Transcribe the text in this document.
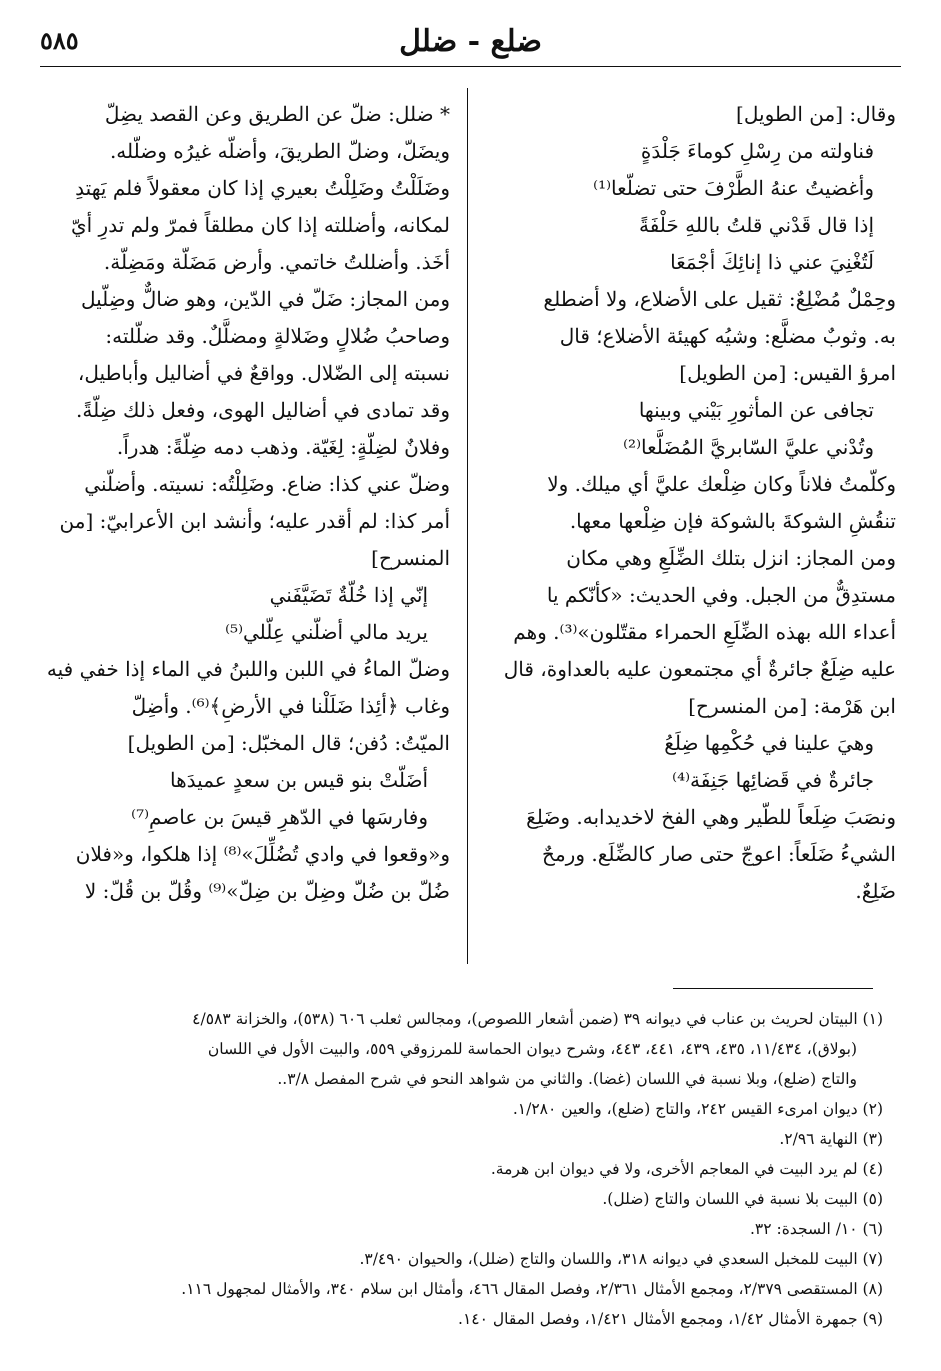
ضلع - ضلل
٥٨٥
وقال: [من الطويل]
فناولته من رِسْلِ كوماءَ جَلْدَةٍ
وأغضيتُ عنهُ الطَّرْفَ حتى تضلّعا⁽¹⁾
إذا قال قَدْني قلتُ باللهِ حَلْفَةً
لَتُغْنِيَ عني ذا إنائِكَ أجْمَعَا
وحِمْلٌ مُضْلِعٌ: ثقيل على الأضلاع، ولا أضطلع
به. وثوبٌ مضلَّع: وشيُه كهيئة الأضلاع؛ قال
امرؤ القيس: [من الطويل]
تجافى عن المأثورِ بَيْني وبينها
وتُدْني عليَّ السّابريَّ المُضَلَّعا⁽²⁾
وكلّمتُ فلاناً وكان ضِلْعك عليَّ أي ميلك. ولا
تنقُشِ الشوكةَ بالشوكة فإن ضِلْعها معها.
ومن المجاز: انزل بتلك الضِّلَعِ وهي مكان
مستدِقٌّ من الجبل. وفي الحديث: «كأنّكم يا
أعداء الله بهذه الضِّلَعِ الحمراء مقتّلون»⁽³⁾. وهم
عليه ضِلَعٌ جائرةٌ أي مجتمعون عليه بالعداوة، قال
ابن هَرْمة: [من المنسرح]
وهيَ علينا في حُكْمِها ضِلَعُ
جائرةٌ في قَضائِها جَنِفَة⁽⁴⁾
ونصَبَ ضِلَعاً للطّير وهي الفخ لاخديدابه. وضَلِعَ
الشيءُ ضَلَعاً: اعوجّ حتى صار كالضِّلَع. ورمحٌ
ضَلِعٌ.
* ضلل: ضلّ عن الطريق وعن القصد يضِلّ
ويضَلّ، وضلّ الطريقَ، وأضلّه غيرُه وضلّله.
وضَلَلْتُ وضَلِلْتُ بعيري إذا كان معقولاً فلم يَهتدِ
لمكانه، وأضللته إذا كان مطلقاً فمرّ ولم تدرِ أيّ
أخَذ. وأضللتُ خاتمي. وأرض مَضَلّة ومَضِلّة.
ومن المجاز: ضَلّ في الدّين، وهو ضالٌّ وضِلّيل
وصاحبُ ضُلالٍ وضَلالةٍ ومضلَّلٌ. وقد ضلّلته:
نسبته إلى الضّلال. وواقعٌ في أضاليل وأباطيل،
وقد تمادى في أضاليل الهوى، وفعل ذلك ضِلّةً.
وفلانٌ لضِلّةٍ: لِغَيّة. وذهب دمه ضِلّةً: هدراً.
وضلّ عني كذا: ضاع. وضَلِلْتُه: نسيته. وأضلّني
أمر كذا: لم أقدر عليه؛ وأنشد ابن الأعرابيّ: [من
المنسرح]
إنّي إذا خُلّةٌ تَضَيَّفَني
يريد مالي أضلّني عِلّلي⁽⁵⁾
وضلّ الماءُ في اللبن واللبنُ في الماء إذا خفي فيه
وغاب ﴿أئِذا ضَلَلْنا في الأرضِ﴾⁽⁶⁾. وأضِلّ
الميّتُ: دُفن؛ قال المخبّل: [من الطويل]
أضَلّتْ بنو قيس بن سعدٍ عميدَها
وفارسَها في الدّهرِ قيسَ بن عاصمِ⁽⁷⁾
و«وقعوا في وادي تُضُلِّلَ»⁽⁸⁾ إذا هلكوا، و«فلان
ضُلّ بن ضُلّ وضِلّ بن ضِلّ»⁽⁹⁾ وقُلّ بن قُلّ: لا
(١) البيتان لحريث بن عناب في ديوانه ٣٩ (ضمن أشعار اللصوص)، ومجالس ثعلب ٦٠٦ (٥٣٨)، والخزانة ٤/٥٨٣
(بولاق)، ١١/٤٣٤، ٤٣٥، ٤٣٩، ٤٤١، ٤٤٣، وشرح ديوان الحماسة للمرزوقي ٥٥٩، والبيت الأول في اللسان
والتاج (ضلع)، وبلا نسبة في اللسان (غضا). والثاني من شواهد النحو في شرح المفصل ٣/٨..
(٢) ديوان امرىء القيس ٢٤٢، والتاج (ضلع)، والعين ١/٢٨٠.
(٣) النهاية ٢/٩٦.
(٤) لم يرد البيت في المعاجم الأخرى، ولا في ديوان ابن هرمة.
(٥) البيت بلا نسبة في اللسان والتاج (ضلل).
(٦) ١٠/ السجدة: ٣٢.
(٧) البيت للمخبل السعدي في ديوانه ٣١٨، واللسان والتاج (ضلل)، والحيوان ٣/٤٩٠.
(٨) المستقصى ٢/٣٧٩، ومجمع الأمثال ٢/٣٦١، وفصل المقال ٤٦٦، وأمثال ابن سلام ٣٤٠، والأمثال لمجهول ١١٦.
(٩) جمهرة الأمثال ١/٤٢، ومجمع الأمثال ١/٤٢١، وفصل المقال ١٤٠.
